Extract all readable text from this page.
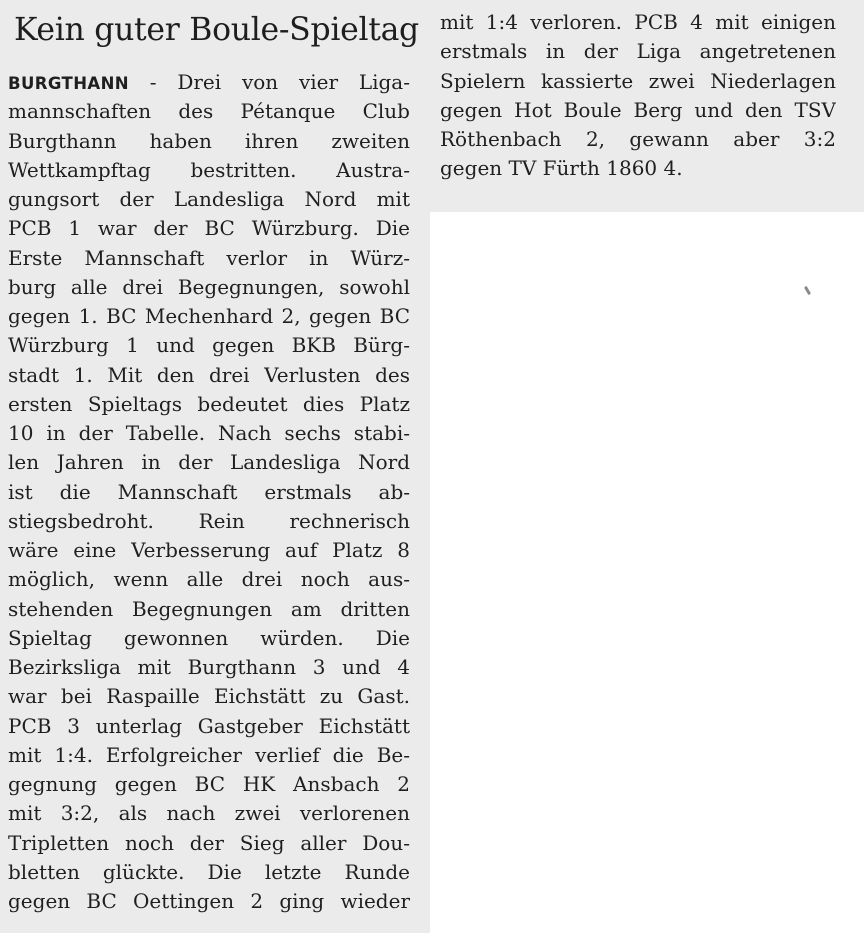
Kein guter Boule-Spieltag
BURGTHANN - Drei von vier Liga-
mannschaften des Pétanque Club
Burgthann haben ihren zweiten
Wettkampftag bestritten. Austra-
gungsort der Landesliga Nord mit
PCB 1 war der BC Würzburg. Die
Erste Mannschaft verlor in Würz-
burg alle drei Begegnungen, sowohl
gegen 1. BC Mechenhard 2, gegen BC
Würzburg 1 und gegen BKB Bürg-
stadt 1. Mit den drei Verlusten des
ersten Spieltags bedeutet dies Platz
10 in der Tabelle. Nach sechs stabi-
len Jahren in der Landesliga Nord
ist die Mannschaft erstmals ab-
stiegsbedroht. Rein rechnerisch
wäre eine Verbesserung auf Platz 8
möglich, wenn alle drei noch aus-
stehenden Begegnungen am dritten
Spieltag gewonnen würden. Die
Bezirksliga mit Burgthann 3 und 4
war bei Raspaille Eichstätt zu Gast.
PCB 3 unterlag Gastgeber Eichstätt
mit 1:4. Erfolgreicher verlief die Be-
gegnung gegen BC HK Ansbach 2
mit 3:2, als nach zwei verlorenen
Tripletten noch der Sieg aller Dou-
bletten glückte. Die letzte Runde
gegen BC Oettingen 2 ging wieder
mit 1:4 verloren. PCB 4 mit einigen
erstmals in der Liga angetretenen
Spielern kassierte zwei Niederlagen
gegen Hot Boule Berg und den TSV
Röthenbach 2, gewann aber 3:2
gegen TV Fürth 1860 4.
